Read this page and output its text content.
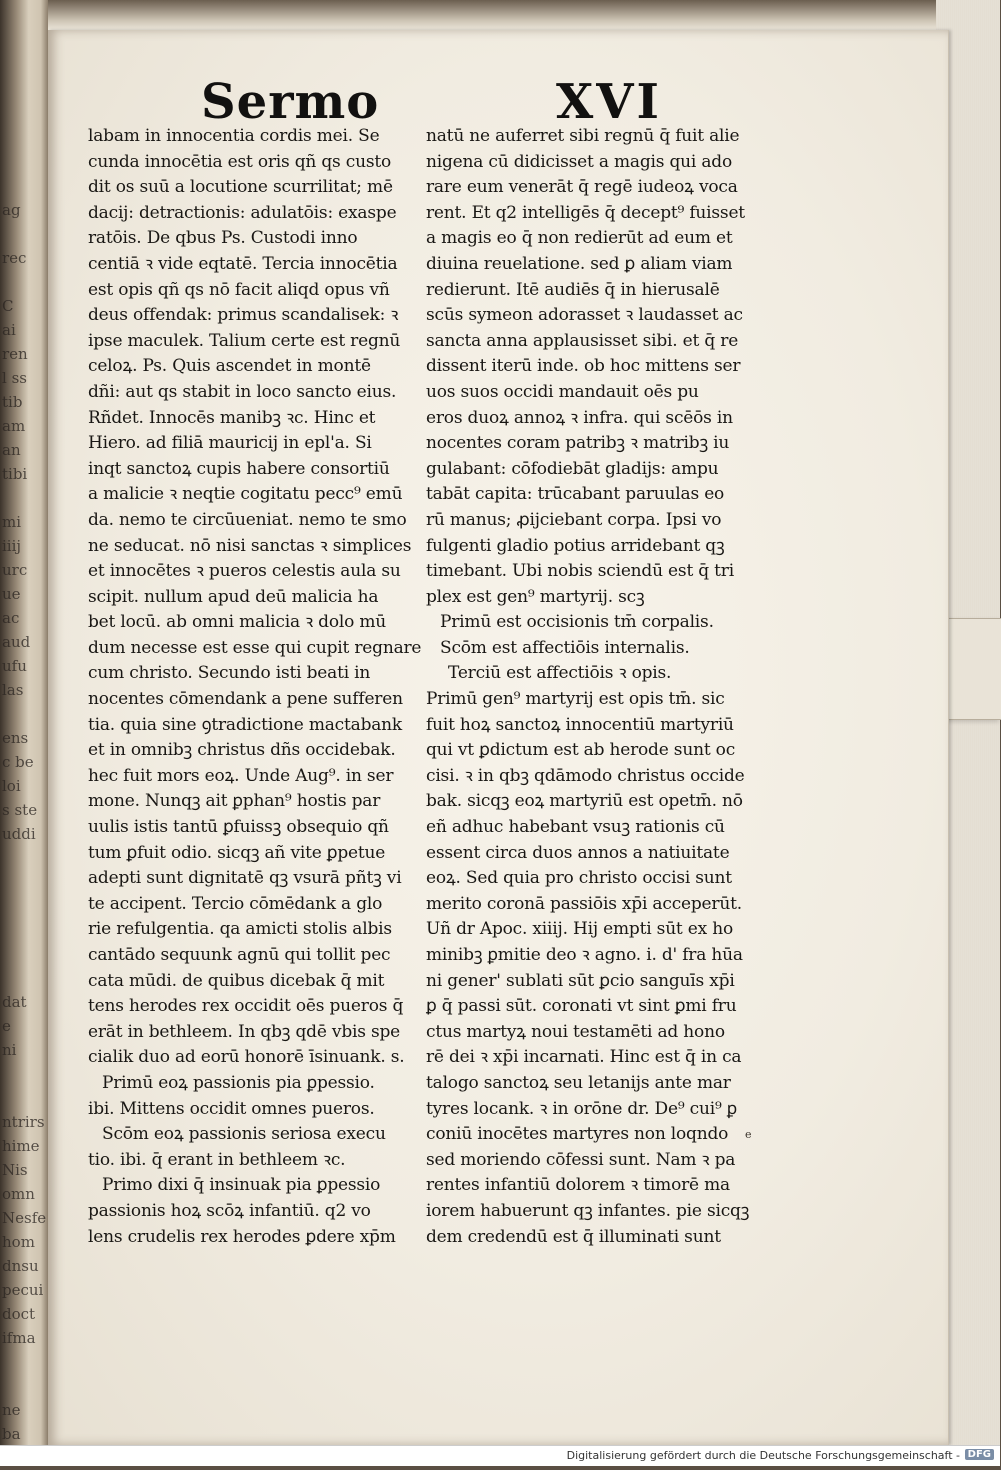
ag
rec
C
ai
ren
l ss
tib
am
an
tibi
mi
iiij
urc
ue
ac
aud
ufu
las
ens
c be
loi
s ste
uddi
dat
e
ni
ntrirs
hime
Nis
omn
Nesfe
hom
dnsu
pecui
doct
ifma
ne
ba
Sermo	XVI
labam in innocentia cordis mei. Se
cunda innocētia est oris qñ qs custo
dit os suū a locutione scurrilitat; mē
dacij: detractionis: adulatōis: exaspe
ratōis. De qbus Ps. Custodi inno
centiā ꝛ vide eqtatē. Tercia innocētia
est opis qñ qs nō facit aliqd opus vñ
deus offendak: primus scandalisek: ꝛ
ipse maculek. Talium certe est regnū
celoꝝ. Ps. Quis ascendet in montē
dñi: aut qs stabit in loco sancto eius.
Rñdet. Innocēs manibꝫ ꝛc. Hinc et
Hiero. ad filiā mauricij in epl'a. Si
inqt sanctoꝝ cupis habere consortiū
a malicie ꝛ neqtie cogitatu pecc⁹ emū
da. nemo te circūueniat. nemo te smo
ne seducat. nō nisi sanctas ꝛ simplices
et innocētes ꝛ pueros celestis aula su
scipit. nullum apud deū malicia ha
bet locū. ab omni malicia ꝛ dolo mū
dum necesse est esse qui cupit regnare
cum christo. Secundo isti beati in
nocentes cōmendank a pene sufferen
tia. quia sine ꝯtradictione mactabank
et in omnibꝫ christus dñs occidebak.
hec fuit mors eoꝝ. Unde Aug⁹. in ser
mone. Nunqꝫ ait ꝑphan⁹ hostis par
uulis istis tantū ꝑfuissꝫ obsequio qñ
tum ꝑfuit odio. sicqꝫ añ vite ꝑpetue
adepti sunt dignitatē qꝫ vsurā pñtꝫ vi
te accipent. Tercio cōmēdank a glo
rie refulgentia. qa amicti stolis albis
cantādo sequunk agnū qui tollit pec
cata mūdi. de quibus dicebak q̄ mit
tens herodes rex occidit oēs pueros q̄
erāt in bethleem. In qbꝫ qdē vbis spe
cialik duo ad eorū honorē īsinuank. s.
Primū eoꝝ passionis pia ꝑpessio.
ibi. Mittens occidit omnes pueros.
Scōm eoꝝ passionis seriosa execu
tio. ibi. q̄ erant in bethleem ꝛc.
Primo dixi q̄ insinuak pia ꝑpessio
passionis hoꝝ scōꝝ infantiū. q2 vo
lens crudelis rex herodes ꝑdere xp̄m
natū ne auferret sibi regnū q̄ fuit alie
nigena cū didicisset a magis qui ado
rare eum venerāt q̄ regē iudeoꝝ voca
rent. Et q2 intelligēs q̄ decept⁹ fuisset
a magis eo q̄ non redierūt ad eum et
diuina reuelatione. sed ꝑ aliam viam
redierunt. Itē audiēs q̄ in hierusalē
scūs symeon adorasset ꝛ laudasset ac
sancta anna applausisset sibi. et q̄ re
dissent iterū inde. ob hoc mittens ser
uos suos occidi mandauit oēs pu
eros duoꝝ annoꝝ ꝛ infra. qui scēōs in
nocentes coram patribꝫ ꝛ matribꝫ iu
gulabant: cōfodiebāt gladijs: ampu
tabāt capita: trūcabant paruulas eo
rū manus; ꝓijciebant corpa. Ipsi vo
fulgenti gladio potius arridebant qꝫ
timebant. Ubi nobis sciendū est q̄ tri
plex est gen⁹ martyrij. scꝫ
Primū est occisionis tm̄ corpalis.
Scōm est affectiōis internalis.
Terciū est affectiōis ꝛ opis.
Primū gen⁹ martyrij est opis tm̄. sic
fuit hoꝝ sanctoꝝ innocentiū martyriū
qui vt ꝑdictum est ab herode sunt oc
cisi. ꝛ in qbꝫ qdāmodo christus occide
bak. sicqꝫ eoꝝ martyriū est opetm̄. nō
eñ adhuc habebant vsuꝫ rationis cū
essent circa duos annos a natiuitate
eoꝝ. Sed quia pro christo occisi sunt
merito coronā passiōis xp̄i acceperūt.
Uñ dr Apoc. xiiij. Hij empti sūt ex ho
minibꝫ ꝑmitie deo ꝛ agno. i. d' fra hūa
ni gener' sublati sūt ꝑcio sanguīs xp̄i
ꝑ q̄ passi sūt. coronati vt sint ꝑmi fru
ctus martyꝝ noui testamēti ad hono
rē dei ꝛ xp̄i incarnati. Hinc est q̄ in ca
talogo sanctoꝝ seu letanijs ante mar
tyres locank. ꝛ in orōne dr. De⁹ cui⁹ ꝑ
coniū inocētes martyres non loqndo
sed moriendo cōfessi sunt. Nam ꝛ pa
rentes infantiū dolorem ꝛ timorē ma
iorem habuerunt qꝫ infantes. pie sicqꝫ
dem credendū est q̄ illuminati sunt
e
Digitalisierung gefördert durch die Deutsche Forschungsgemeinschaft - DFG
